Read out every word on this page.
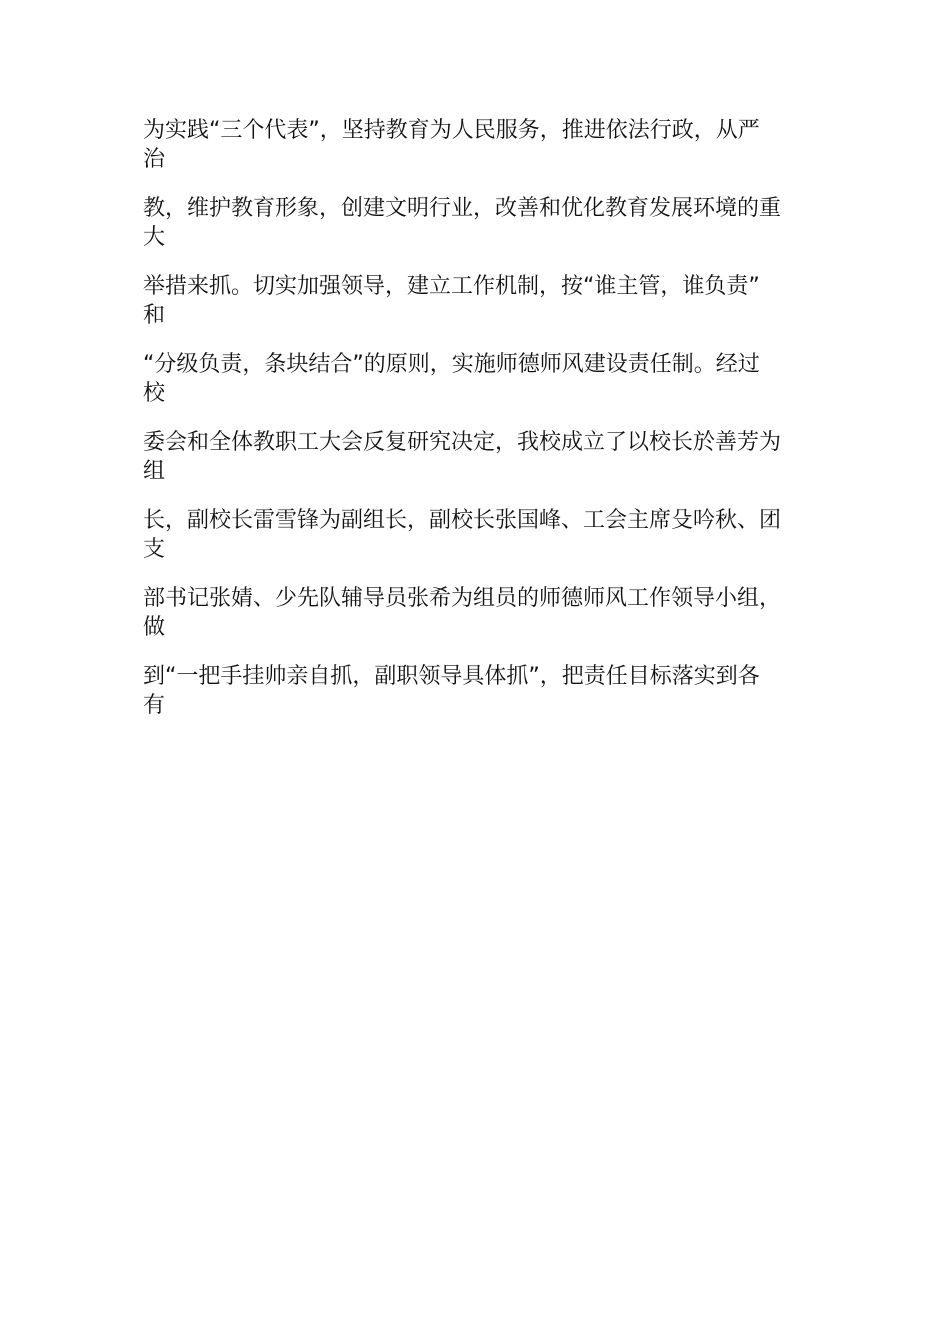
为实践“三个代表”，坚持教育为人民服务，推进依法行政，从严
治

教，维护教育形象，创建文明行业，改善和优化教育发展环境的重
大

举措来抓。切实加强领导，建立工作机制，按“谁主管，谁负责”
和

“分级负责，条块结合”的原则，实施师德师风建设责任制。经过
校

委会和全体教职工大会反复研究决定，我校成立了以校长於善芳为
组

长，副校长雷雪锋为副组长，副校长张国峰、工会主席殳吟秋、团
支

部书记张婧、少先队辅导员张希为组员的师德师风工作领导小组，
做

到“一把手挂帅亲自抓，副职领导具体抓”，把责任目标落实到各
有
